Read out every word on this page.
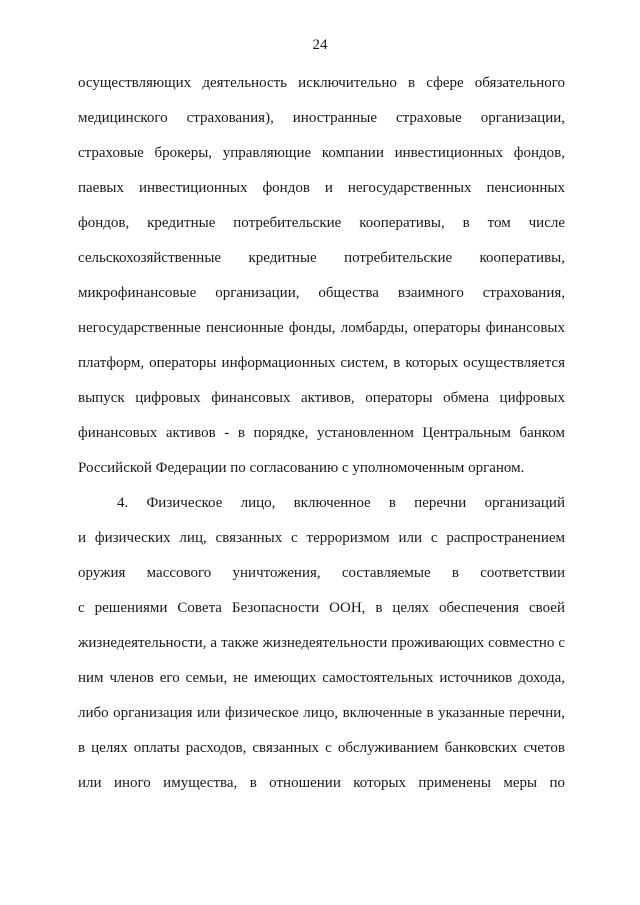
24
осуществляющих деятельность исключительно в сфере обязательного
медицинского страхования), иностранные страховые организации,
страховые брокеры, управляющие компании инвестиционных фондов,
паевых инвестиционных фондов и негосударственных пенсионных
фондов, кредитные потребительские кооперативы, в том числе
сельскохозяйственные кредитные потребительские кооперативы,
микрофинансовые организации, общества взаимного страхования,
негосударственные пенсионные фонды, ломбарды, операторы финансовых
платформ, операторы информационных систем, в которых осуществляется
выпуск цифровых финансовых активов, операторы обмена цифровых
финансовых активов - в порядке, установленном Центральным банком
Российской Федерации по согласованию с уполномоченным органом.
4. Физическое лицо, включенное в перечни организаций
и физических лиц, связанных с терроризмом или с распространением
оружия массового уничтожения, составляемые в соответствии
с решениями Совета Безопасности ООН, в целях обеспечения своей
жизнедеятельности, а также жизнедеятельности проживающих совместно с
ним членов его семьи, не имеющих самостоятельных источников дохода,
либо организация или физическое лицо, включенные в указанные перечни,
в целях оплаты расходов, связанных с обслуживанием банковских счетов
или иного имущества, в отношении которых применены меры по
